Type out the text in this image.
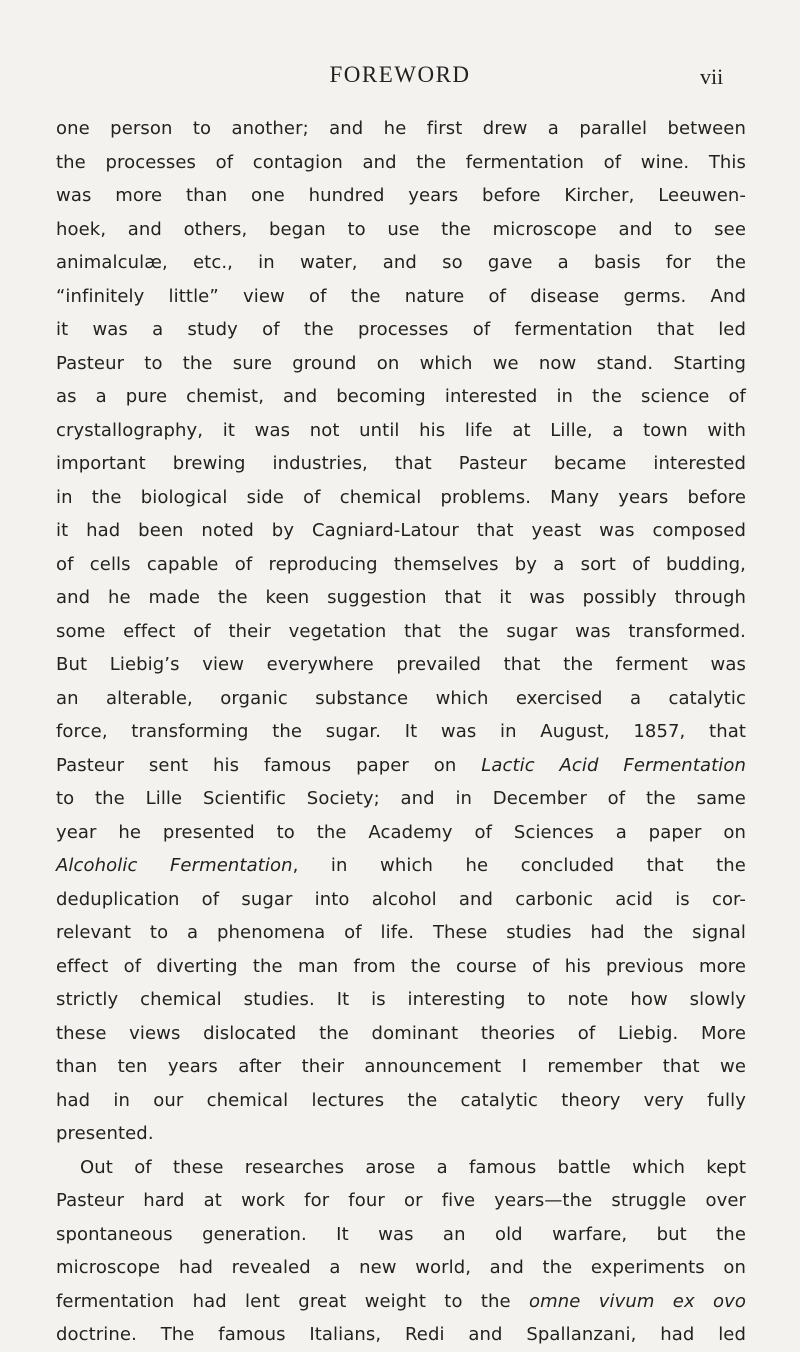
FOREWORD	vii
one person to another; and he first drew a parallel between
the processes of contagion and the fermentation of wine. This
was more than one hundred years before Kircher, Leeuwen-
hoek, and others, began to use the microscope and to see
animalculæ, etc., in water, and so gave a basis for the
“infinitely little” view of the nature of disease germs. And
it was a study of the processes of fermentation that led
Pasteur to the sure ground on which we now stand. Starting
as a pure chemist, and becoming interested in the science of
crystallography, it was not until his life at Lille, a town with
important brewing industries, that Pasteur became interested
in the biological side of chemical problems. Many years before
it had been noted by Cagniard-Latour that yeast was composed
of cells capable of reproducing themselves by a sort of budding,
and he made the keen suggestion that it was possibly through
some effect of their vegetation that the sugar was transformed.
But Liebig’s view everywhere prevailed that the ferment was
an alterable, organic substance which exercised a catalytic
force, transforming the sugar. It was in August, 1857, that
Pasteur sent his famous paper on Lactic Acid Fermentation
to the Lille Scientific Society; and in December of the same
year he presented to the Academy of Sciences a paper on
Alcoholic Fermentation, in which he concluded that the
deduplication of sugar into alcohol and carbonic acid is cor-
relevant to a phenomena of life. These studies had the signal
effect of diverting the man from the course of his previous more
strictly chemical studies. It is interesting to note how slowly
these views dislocated the dominant theories of Liebig. More
than ten years after their announcement I remember that we
had in our chemical lectures the catalytic theory very fully
presented.
Out of these researches arose a famous battle which kept
Pasteur hard at work for four or five years—the struggle over
spontaneous generation. It was an old warfare, but the
microscope had revealed a new world, and the experiments on
fermentation had lent great weight to the omne vivum ex ovo
doctrine. The famous Italians, Redi and Spallanzani, had led
